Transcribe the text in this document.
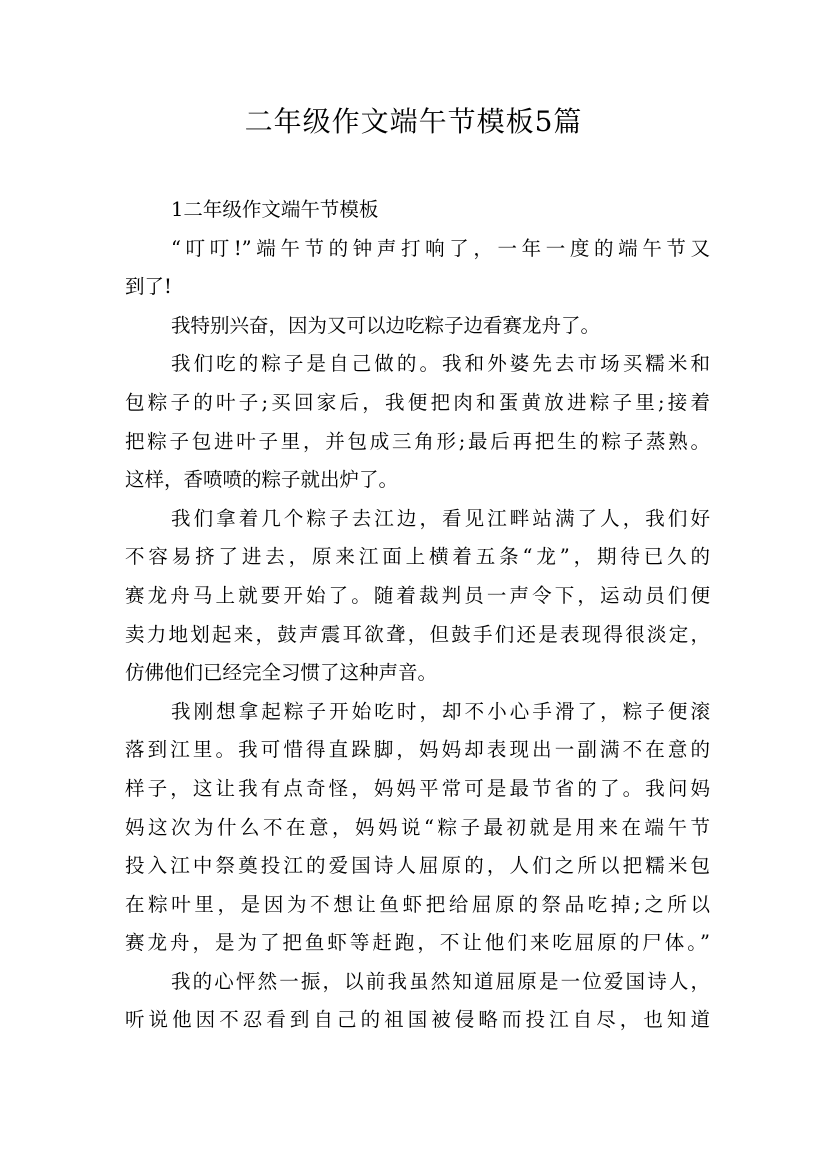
二年级作文端午节模板5篇
1二年级作文端午节模板
“叮叮!”端午节的钟声打响了，一年一度的端午节又
到了!
我特别兴奋，因为又可以边吃粽子边看赛龙舟了。
我们吃的粽子是自己做的。我和外婆先去市场买糯米和
包粽子的叶子;买回家后，我便把肉和蛋黄放进粽子里;接着
把粽子包进叶子里，并包成三角形;最后再把生的粽子蒸熟。
这样，香喷喷的粽子就出炉了。
我们拿着几个粽子去江边，看见江畔站满了人，我们好
不容易挤了进去，原来江面上横着五条“龙”，期待已久的
赛龙舟马上就要开始了。随着裁判员一声令下，运动员们便
卖力地划起来，鼓声震耳欲聋，但鼓手们还是表现得很淡定，
仿佛他们已经完全习惯了这种声音。
我刚想拿起粽子开始吃时，却不小心手滑了，粽子便滚
落到江里。我可惜得直跺脚，妈妈却表现出一副满不在意的
样子，这让我有点奇怪，妈妈平常可是最节省的了。我问妈
妈这次为什么不在意，妈妈说“粽子最初就是用来在端午节
投入江中祭奠投江的爱国诗人屈原的，人们之所以把糯米包
在粽叶里，是因为不想让鱼虾把给屈原的祭品吃掉;之所以
赛龙舟，是为了把鱼虾等赶跑，不让他们来吃屈原的尸体。”
我的心怦然一振，以前我虽然知道屈原是一位爱国诗人，
听说他因不忍看到自己的祖国被侵略而投江自尽，也知道
